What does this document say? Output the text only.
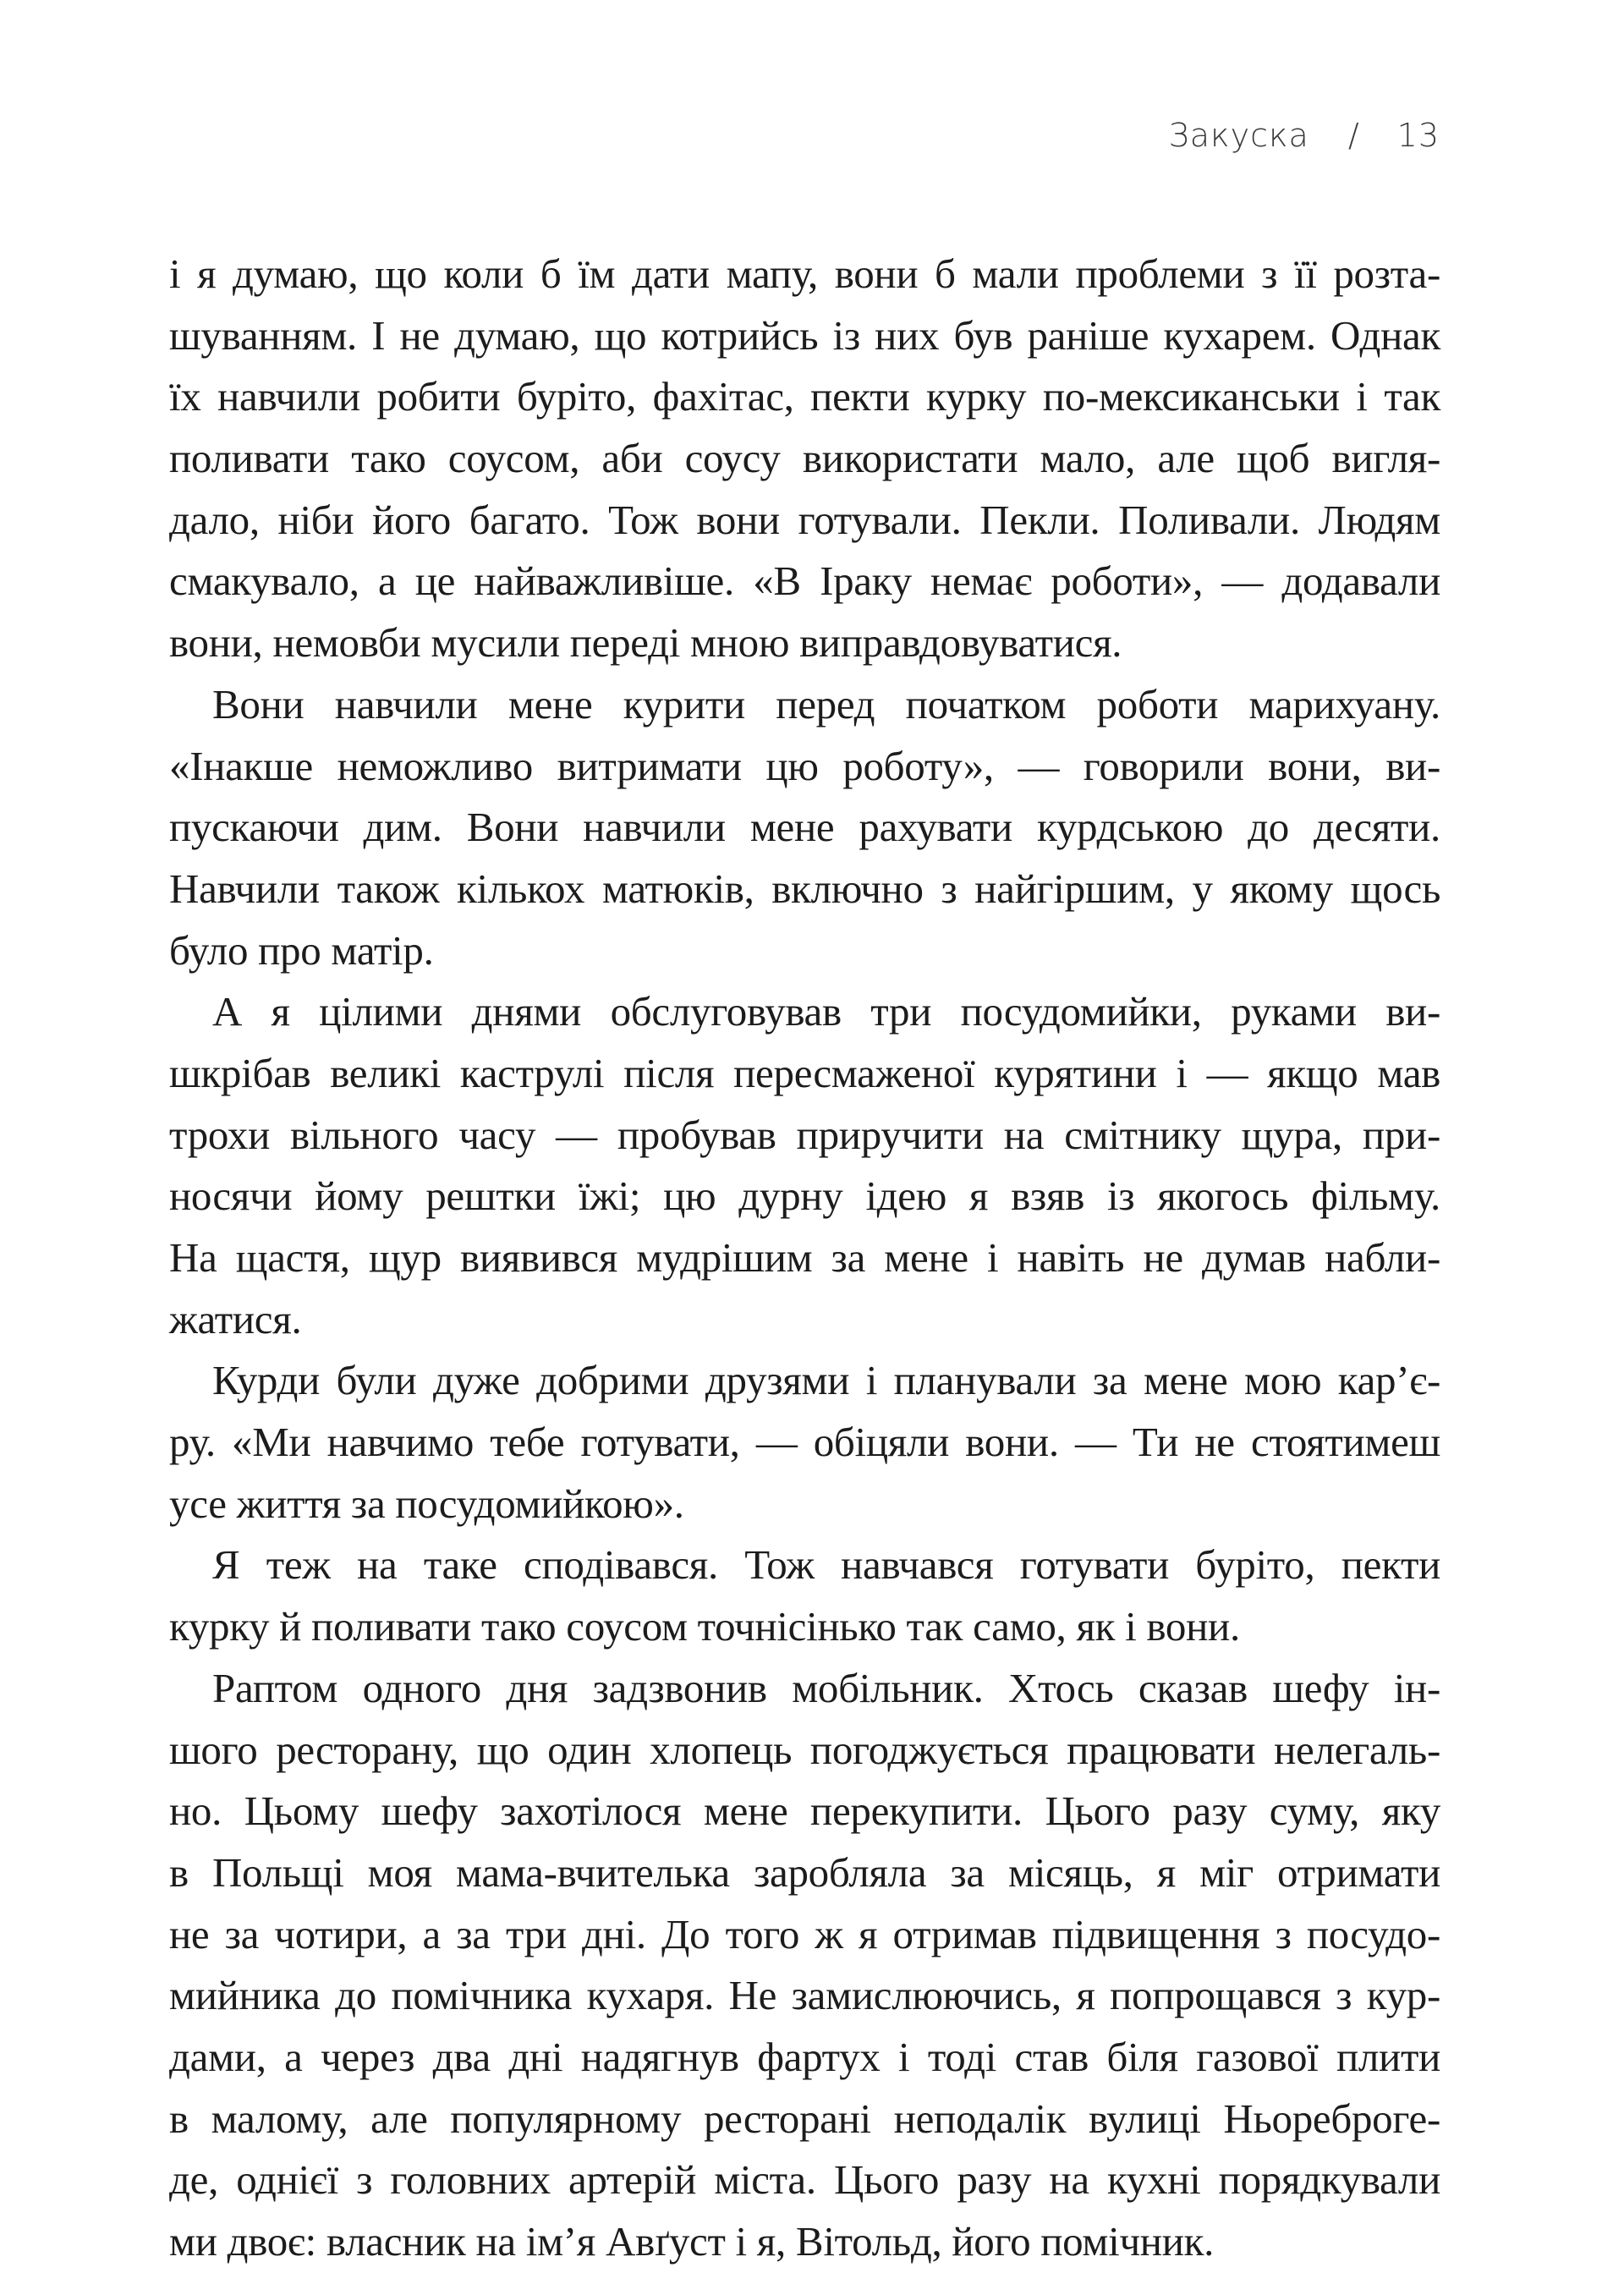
Закуска / 13
і я думаю, що коли б їм дати мапу, вони б мали проблеми з її розта-
шуванням. І не думаю, що котрийсь із них був раніше кухарем. Однак
їх навчили робити буріто, фахітас, пекти курку по-мексиканськи і так
поливати тако соусом, аби соусу використати мало, але щоб вигля-
дало, ніби його багато. Тож вони готували. Пекли. Поливали. Людям
смакувало, а це найважливіше. «В Іраку немає роботи», — додавали
вони, немовби мусили переді мною виправдовуватися.
Вони навчили мене курити перед початком роботи марихуану.
«Інакше неможливо витримати цю роботу», — говорили вони, ви-
пускаючи дим. Вони навчили мене рахувати курдською до десяти.
Навчили також кількох матюків, включно з найгіршим, у якому щось
було про матір.
А я цілими днями обслуговував три посудомийки, руками ви-
шкрібав великі каструлі після пересмаженої курятини і — якщо мав
трохи вільного часу — пробував приручити на смітнику щура, при-
носячи йому рештки їжі; цю дурну ідею я взяв із якогось фільму.
На щастя, щур виявився мудрішим за мене і навіть не думав набли-
жатися.
Курди були дуже добрими друзями і планували за мене мою кар’є-
ру. «Ми навчимо тебе готувати, — обіцяли вони. — Ти не стоятимеш
усе життя за посудомийкою».
Я теж на таке сподівався. Тож навчався готувати буріто, пекти
курку й поливати тако соусом точнісінько так само, як і вони.
Раптом одного дня задзвонив мобільник. Хтось сказав шефу ін-
шого ресторану, що один хлопець погоджується працювати нелегаль-
но. Цьому шефу захотілося мене перекупити. Цього разу суму, яку
в Польщі моя мама-вчителька заробляла за місяць, я міг отримати
не за чотири, а за три дні. До того ж я отримав підвищення з посудо-
мийника до помічника кухаря. Не замислюючись, я попрощався з кур-
дами, а через два дні надягнув фартух і тоді став біля газової плити
в малому, але популярному ресторані неподалік вулиці Ньореброге-
де, однієї з головних артерій міста. Цього разу на кухні порядкували
ми двоє: власник на ім’я Авґуст і я, Вітольд, його помічник.
